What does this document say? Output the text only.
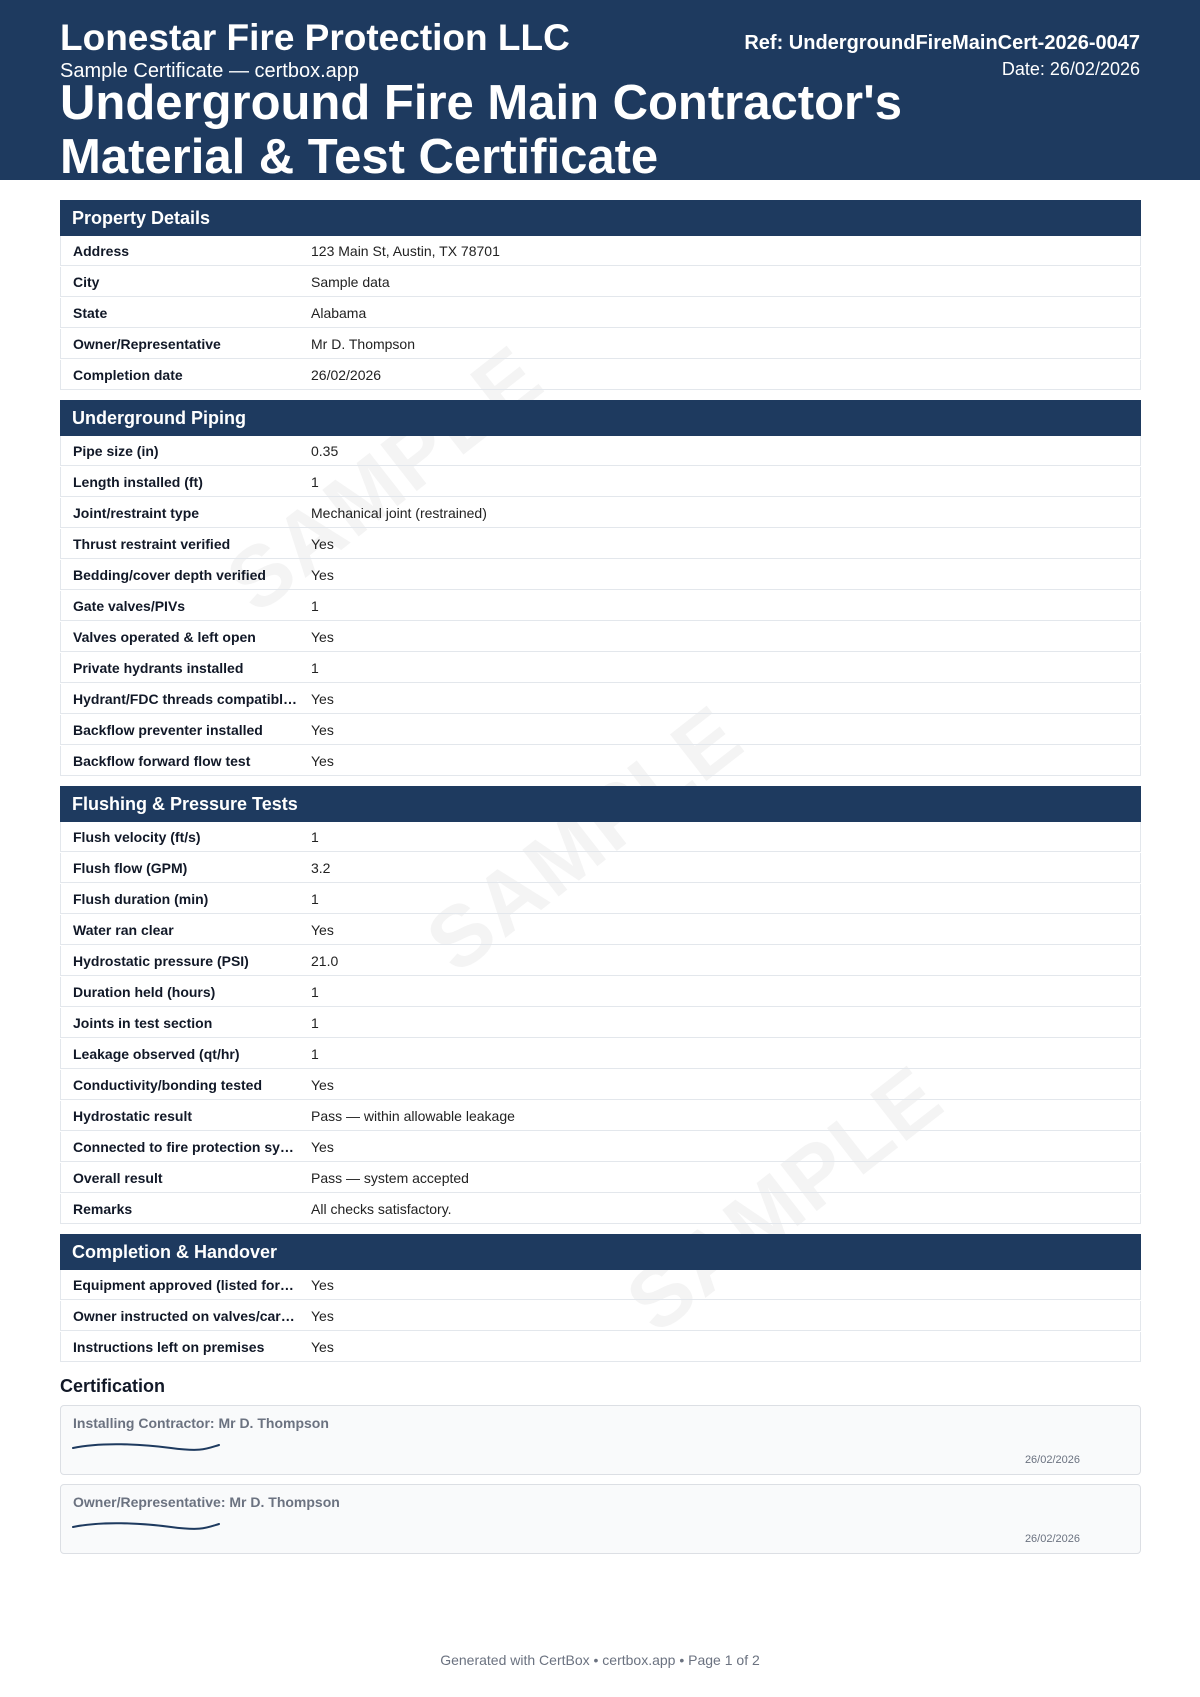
Lonestar Fire Protection LLC
Sample Certificate — certbox.app
Underground Fire Main Contractor's Material & Test Certificate
Ref: UndergroundFireMainCert-2026-0047
Date: 26/02/2026
Property Details
Address	123 Main St, Austin, TX 78701
City	Sample data
State	Alabama
Owner/Representative	Mr D. Thompson
Completion date	26/02/2026
Underground Piping
Pipe size (in)	0.35
Length installed (ft)	1
Joint/restraint type	Mechanical joint (restrained)
Thrust restraint verified	Yes
Bedding/cover depth verified	Yes
Gate valves/PIVs	1
Valves operated & left open	Yes
Private hydrants installed	1
Hydrant/FDC threads compatibl… Yes
Backflow preventer installed	Yes
Backflow forward flow test	Yes
Flushing & Pressure Tests
Flush velocity (ft/s)	1
Flush flow (GPM)	3.2
Flush duration (min)	1
Water ran clear	Yes
Hydrostatic pressure (PSI)	21.0
Duration held (hours)	1
Joints in test section	1
Leakage observed (qt/hr)	1
Conductivity/bonding tested	Yes
Hydrostatic result	Pass — within allowable leakage
Connected to fire protection sy…	Yes
Overall result	Pass — system accepted
Remarks	All checks satisfactory.
Completion & Handover
Equipment approved (listed for…	Yes
Owner instructed on valves/car…	Yes
Instructions left on premises	Yes
Certification
Installing Contractor: Mr D. Thompson
26/02/2026
Owner/Representative: Mr D. Thompson
26/02/2026
Generated with CertBox • certbox.app • Page 1 of 2
